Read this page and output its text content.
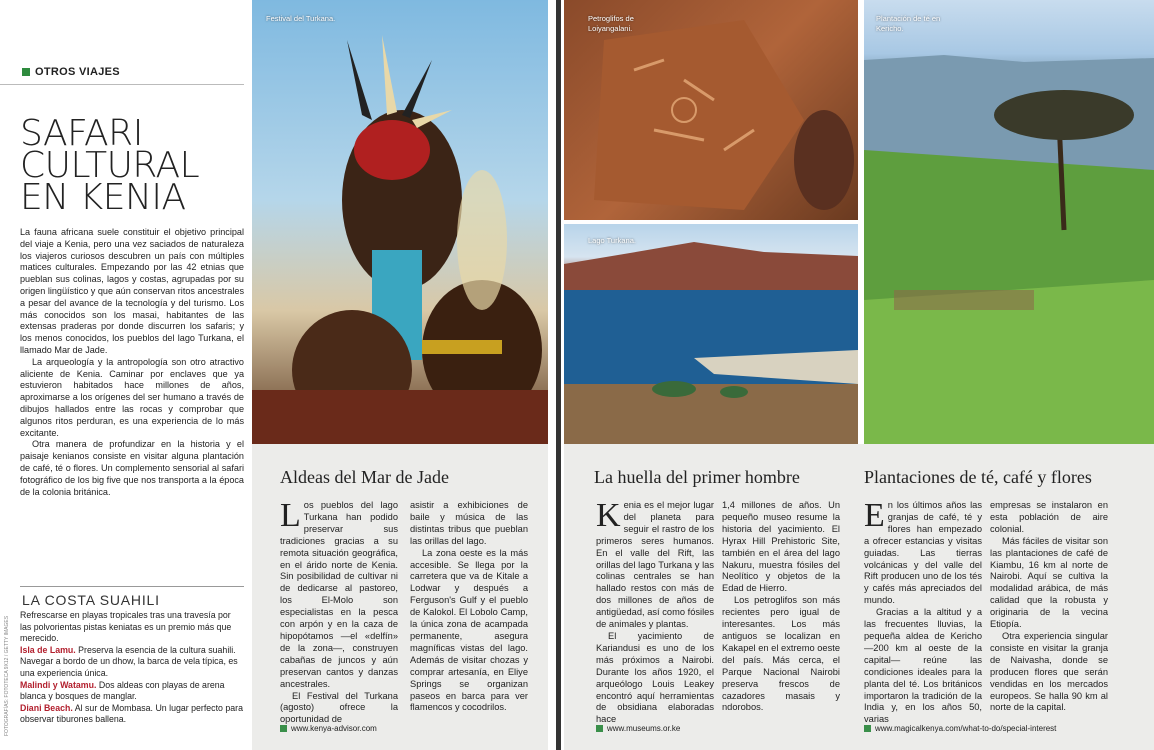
OTROS VIAJES
SAFARI
CULTURAL
EN KENIA

La fauna africana suele constituir el objetivo principal del viaje a Kenia, pero una vez saciados de naturaleza los viajeros curiosos descubren un país con múltiples matices culturales. Empezando por las 42 etnias que pueblan sus colinas, lagos y costas, agrupadas por su origen lingüístico y que aún conservan ritos ancestrales a pesar del avance de la tecnología y del turismo. Los más conocidos son los masai, habitantes de las extensas praderas por donde discurren los safaris; y los menos conocidos, los pueblos del lago Turkana, el llamado Mar de Jade.

La arqueología y la antropología son otro atractivo aliciente de Kenia. Caminar por enclaves que ya estuvieron habitados hace millones de años, aproximarse a los orígenes del ser humano a través de dibujos hallados entre las rocas y comprobar que algunos ritos perduran, es una experiencia de lo más excitante.

Otra manera de profundizar en la historia y el paisaje kenianos consiste en visitar alguna plantación de café, té o flores. Un complemento sensorial al safari fotográfico de los big five que nos transporta a la época de la colonia británica.

LA COSTA SUAHILI
Refrescarse en playas tropicales tras una travesía por las polvorientas pistas keniatas es un premio más que merecido.
Isla de Lamu. Preserva la esencia de la cultura suahili. Navegar a bordo de un dhow, la barca de vela típica, es una experiencia única.
Malindi y Watamu. Dos aldeas con playas de arena blanca y bosques de manglar.
Diani Beach. Al sur de Mombasa. Un lugar perfecto para observar tiburones ballena.
FOTOGRAFÍAS: FOTOTECA 9X12 / GETTY IMAGES
Festival del Turkana.	Petroglifos de Loiyangalani.
Lago Turkana.
Plantación de té en Kericho.
Aldeas del Mar de Jade

Los pueblos del lago Turkana han podido preservar sus tradiciones gracias a su remota situación geográfica, en el árido norte de Kenia. Sin posibilidad de cultivar ni de dedicarse al pastoreo, los El-Molo son especialistas en la pesca con arpón y en la caza de hipopótamos —el «delfín» de la zona—, construyen cabañas de juncos y aún preservan cantos y danzas ancestrales.

El Festival del Turkana (agosto) ofrece la oportunidad de

asistir a exhibiciones de baile y música de las distintas tribus que pueblan las orillas del lago.

La zona oeste es la más accesible. Se llega por la carretera que va de Kitale a Lodwar y después a Ferguson's Gulf y el pueblo de Kalokol. El Lobolo Camp, la única zona de acampada permanente, asegura magníficas vistas del lago. Además de visitar chozas y comprar artesanía, en Eliye Springs se organizan paseos en barca para ver flamencos y cocodrilos.

www.kenya-advisor.com
La huella del primer hombre

Kenia es el mejor lugar del planeta para seguir el rastro de los primeros seres humanos. En el valle del Rift, las orillas del lago Turkana y las colinas centrales se han hallado restos con más de dos millones de años de antigüedad, así como fósiles de animales y plantas.

El yacimiento de Kariandusi es uno de los más próximos a Nairobi. Durante los años 1920, el arqueólogo Louis Leakey encontró aquí herramientas de obsidiana elaboradas hace

1,4 millones de años. Un pequeño museo resume la historia del yacimiento. El Hyrax Hill Prehistoric Site, también en el área del lago Nakuru, muestra fósiles del Neolítico y objetos de la Edad de Hierro.

Los petroglifos son más recientes pero igual de interesantes. Los más antiguos se localizan en Kakapel en el extremo oeste del país. Más cerca, el Parque Nacional Nairobi preserva frescos de cazadores masais y ndorobos.

www.museums.or.ke
Plantaciones de té, café y flores

En los últimos años las granjas de café, té y flores han empezado a ofrecer estancias y visitas guiadas. Las tierras volcánicas y del valle del Rift producen uno de los tés y cafés más apreciados del mundo.

Gracias a la altitud y a las frecuentes lluvias, la pequeña aldea de Kericho —200 km al oeste de la capital— reúne las condiciones ideales para la planta del té. Los británicos importaron la tradición de la India y, en los años 50, varias

empresas se instalaron en esta población de aire colonial.

Más fáciles de visitar son las plantaciones de café de Kiambu, 16 km al norte de Nairobi. Aquí se cultiva la modalidad arábica, de más calidad que la robusta y originaria de la vecina Etiopía.

Otra experiencia singular consiste en visitar la granja de Naivasha, donde se producen flores que serán vendidas en los mercados europeos. Se halla 90 km al norte de la capital.

www.magicalkenya.com/what-to-do/special-interest
